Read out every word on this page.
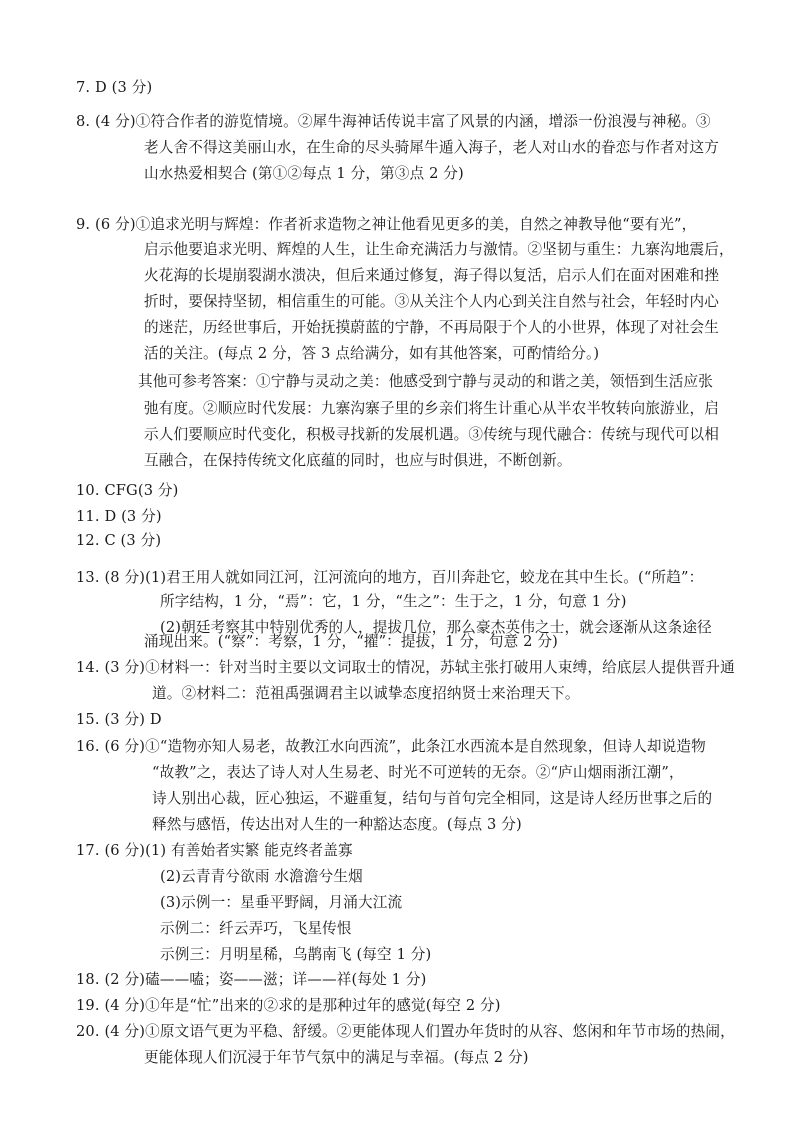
7. D (3 分)
8. (4 分)①符合作者的游览情境。②犀牛海神话传说丰富了风景的内涵，增添一份浪漫与神秘。③
老人舍不得这美丽山水，在生命的尽头骑犀牛遁入海子，老人对山水的眷恋与作者对这方
山水热爱相契合 (第①②每点 1 分，第③点 2 分)
9. (6 分)①追求光明与辉煌：作者祈求造物之神让他看见更多的美，自然之神教导他“要有光”，
启示他要追求光明、辉煌的人生，让生命充满活力与激情。②坚韧与重生：九寨沟地震后，
火花海的长堤崩裂湖水溃决，但后来通过修复，海子得以复活，启示人们在面对困难和挫
折时，要保持坚韧，相信重生的可能。③从关注个人内心到关注自然与社会，年轻时内心
的迷茫，历经世事后，开始抚摸蔚蓝的宁静，不再局限于个人的小世界，体现了对社会生
活的关注。(每点 2 分，答 3 点给满分，如有其他答案，可酌情给分。)
其他可参考答案：①宁静与灵动之美：他感受到宁静与灵动的和谐之美，领悟到生活应张
弛有度。②顺应时代发展：九寨沟寨子里的乡亲们将生计重心从半农半牧转向旅游业，启
示人们要顺应时代变化，积极寻找新的发展机遇。③传统与现代融合：传统与现代可以相
互融合，在保持传统文化底蕴的同时，也应与时俱进，不断创新。
10. CFG(3 分)
11. D (3 分)
12. C (3 分)
13. (8 分)(1)君王用人就如同江河，江河流向的地方，百川奔赴它，蛟龙在其中生长。(“所趋”：
所字结构，1 分，“焉”：它，1 分，“生之”：生于之，1 分，句意 1 分)
(2)朝廷考察其中特别优秀的人，提拔几位，那么豪杰英伟之士，就会逐渐从这条途径
涌现出来。(“察”：考察，1 分，“擢”：提拔，1 分，句意 2 分)
14. (3 分)①材料一：针对当时主要以文词取士的情况，苏轼主张打破用人束缚，给底层人提供晋升通
道。②材料二：范祖禹强调君主以诚挚态度招纳贤士来治理天下。
15. (3 分) D
16. (6 分)①“造物亦知人易老，故教江水向西流”，此条江水西流本是自然现象，但诗人却说造物
“故教”之，表达了诗人对人生易老、时光不可逆转的无奈。②“庐山烟雨浙江潮”，
诗人别出心裁，匠心独运，不避重复，结句与首句完全相同，这是诗人经历世事之后的
释然与感悟，传达出对人生的一种豁达态度。(每点 3 分)
17. (6 分)(1) 有善始者实繁 能克终者盖寡
(2)云青青兮欲雨 水澹澹兮生烟
(3)示例一：星垂平野阔，月涌大江流
示例二：纤云弄巧，飞星传恨
示例三：月明星稀，乌鹊南飞 (每空 1 分)
18. (2 分)磕——嗑；姿——滋；详——祥(每处 1 分)
19. (4 分)①年是“忙”出来的②求的是那种过年的感觉(每空 2 分)
20. (4 分)①原文语气更为平稳、舒缓。②更能体现人们置办年货时的从容、悠闲和年节市场的热闹，
更能体现人们沉浸于年节气氛中的满足与幸福。(每点 2 分)
